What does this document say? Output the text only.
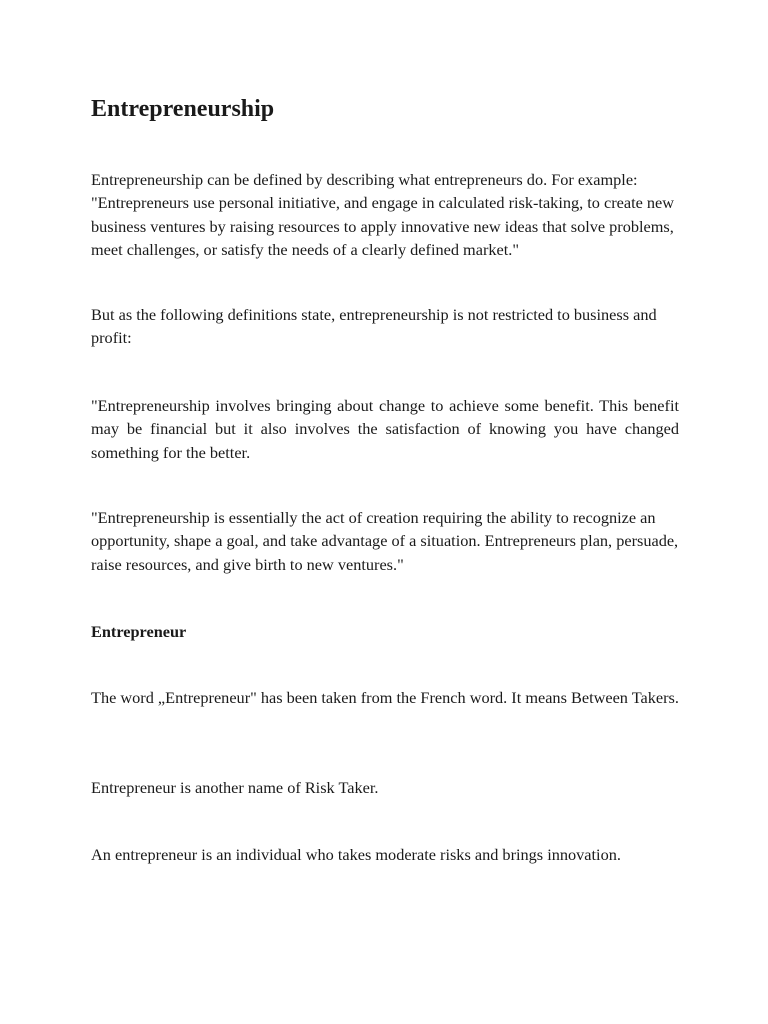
Entrepreneurship

Entrepreneurship can be defined by describing what entrepreneurs do. For example: "Entrepreneurs use personal initiative, and engage in calculated risk-taking, to create new business ventures by raising resources to apply innovative new ideas that solve problems, meet challenges, or satisfy the needs of a clearly defined market."

But as the following definitions state, entrepreneurship is not restricted to business and profit:

"Entrepreneurship involves bringing about change to achieve some benefit. This benefit may be financial but it also involves the satisfaction of knowing you have changed something for the better.

"Entrepreneurship is essentially the act of creation requiring the ability to recognize an opportunity, shape a goal, and take advantage of a situation. Entrepreneurs plan, persuade, raise resources, and give birth to new ventures."

Entrepreneur

The word „Entrepreneur" has been taken from the French word. It means Between Takers.

Entrepreneur is another name of Risk Taker.

An entrepreneur is an individual who takes moderate risks and brings innovation.
